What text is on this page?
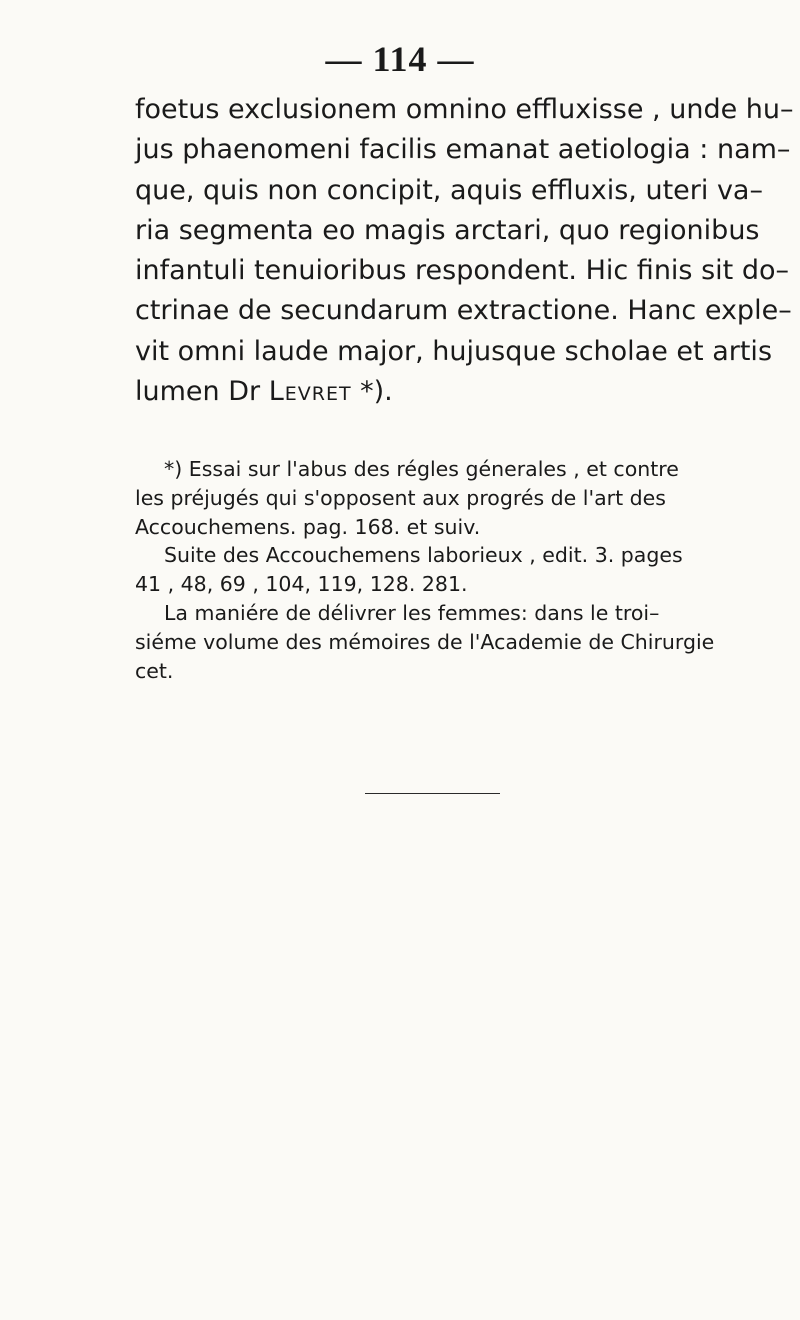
— 114 —
foetus exclusionem omnino effluxisse , unde hu–
jus phaenomeni facilis emanat aetiologia : nam–
que, quis non concipit, aquis effluxis, uteri va–
ria segmenta eo magis arctari, quo regionibus
infantuli tenuioribus respondent. Hic finis sit do–
ctrinae de secundarum extractione. Hanc exple–
vit omni laude major, hujusque scholae et artis
lumen Dr Levret *).
*) Essai sur l'abus des régles génerales , et contre
les préjugés qui s'opposent aux progrés de l'art des
Accouchemens. pag. 168. et suiv.
Suite des Accouchemens laborieux , edit. 3. pages
41 , 48, 69 , 104, 119, 128. 281.
La maniére de délivrer les femmes: dans le troi–
siéme volume des mémoires de l'Academie de Chirurgie
cet.
